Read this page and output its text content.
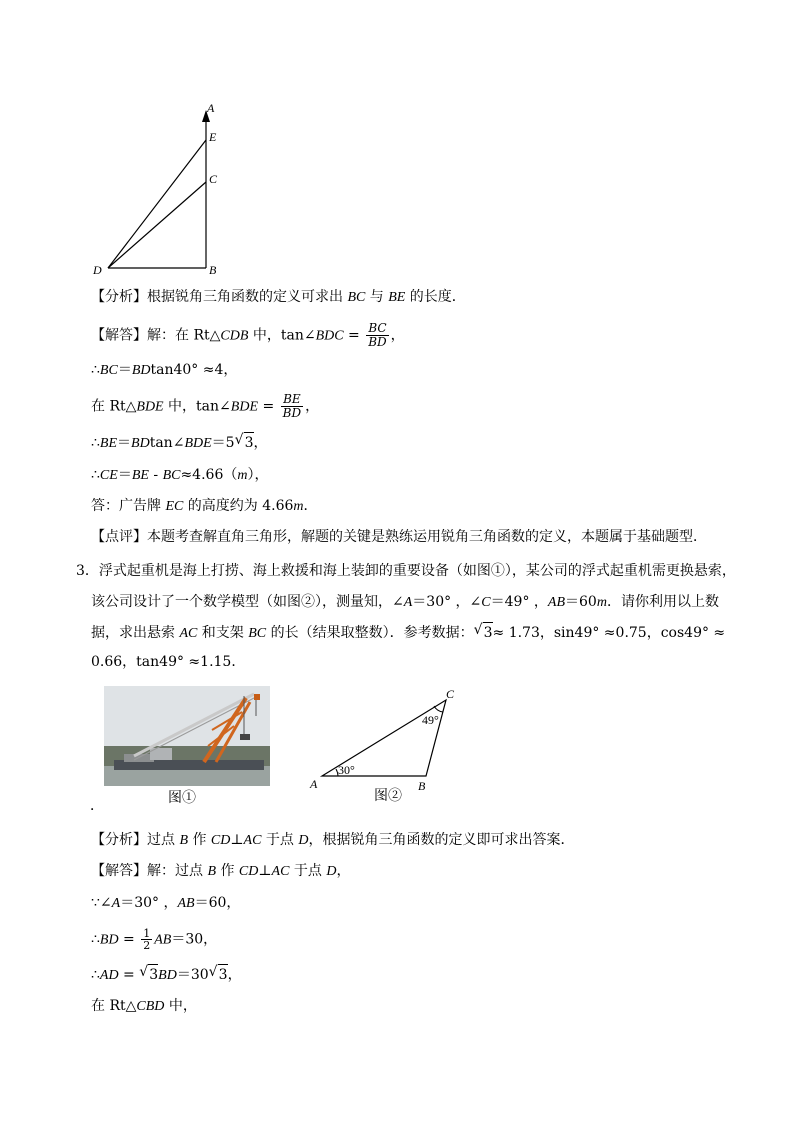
A
E
C
D	B
【分析】根据锐角三角函数的定义可求出 BC 与 BE 的长度．
【解答】解：在 Rt△CDB 中，tan∠BDC = $\frac{BC}{BD}$ ，
∴BC＝BDtan40° ≈4，
在 Rt△BDE 中，tan∠BDE = $\frac{BE}{BD}$ ，
∴BE＝BDtan∠BDE＝5 √ 3，
∴CE＝BE - BC≈4.66（m），
答：广告牌 EC 的高度约为 4.66m．
【点评】本题考查解直角三角形，解题的关键是熟练运用锐角三角函数的定义，本题属于基础题型．
3．浮式起重机是海上打捞、海上救援和海上装卸的重要设备（如图①），某公司的浮式起重机需更换悬索，
该公司设计了一个数学模型（如图②），测量知，∠A＝30° ，∠C＝49° ，AB＝60m．请你利用以上数
据，求出悬索 AC 和支架 BC 的长（结果取整数）．参考数据： √ 3≈ 1.73，sin49° ≈0.75，cos49° ≈
0.66，tan49° ≈1.15．
图①
．
C
A	B
49°
30°
图②
【分析】过点 B 作 CD⊥AC 于点 D，根据锐角三角函数的定义即可求出答案．
【解答】解：过点 B 作 CD⊥AC 于点 D，
∵∠A＝30° ，AB＝60，
∴BD = $\frac{1}{2} AB=30$，
∴AD = √ 3BD＝30 √ 3，
在 Rt△CBD 中，
